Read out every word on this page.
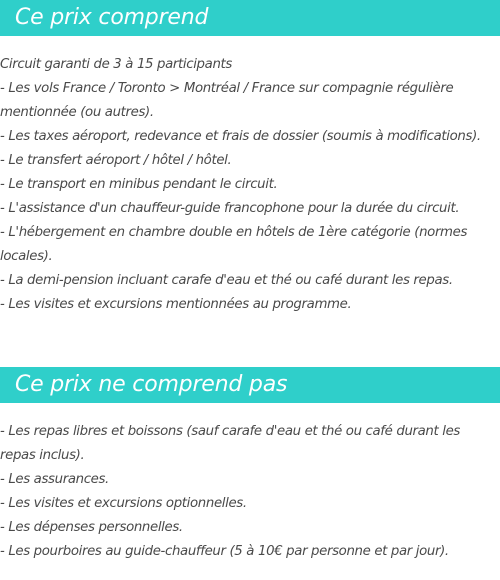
Ce prix comprend
Circuit garanti de 3 à 15 participants
- Les vols France / Toronto > Montréal / France sur compagnie régulière mentionnée (ou autres).
- Les taxes aéroport, redevance et frais de dossier (soumis à modifications).
- Le transfert aéroport / hôtel / hôtel.
- Le transport en minibus pendant le circuit.
- L'assistance d'un chauffeur-guide francophone pour la durée du circuit.
- L'hébergement en chambre double en hôtels de 1ère catégorie (normes locales).
- La demi-pension incluant carafe d'eau et thé ou café durant les repas.
- Les visites et excursions mentionnées au programme.
Ce prix ne comprend pas
- Les repas libres et boissons (sauf carafe d'eau et thé ou café durant les repas inclus).
- Les assurances.
- Les visites et excursions optionnelles.
- Les dépenses personnelles.
- Les pourboires au guide-chauffeur (5 à 10€ par personne et par jour).
